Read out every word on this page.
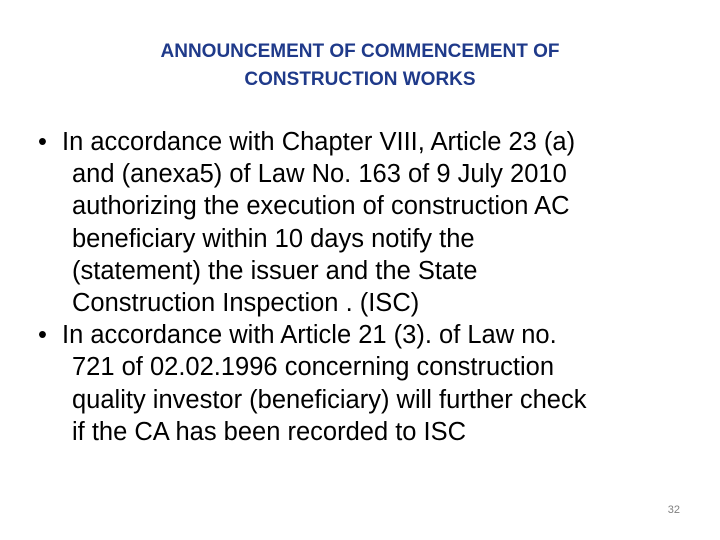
ANNOUNCEMENT OF COMMENCEMENT OF
CONSTRUCTION WORKS
• In accordance with Chapter VIII, Article 23 (a)
and (anexa5) of Law No. 163 of 9 July 2010
authorizing the execution of construction AC
beneficiary within 10 days notify the
(statement) the issuer and the State
Construction Inspection . (ISC)
• In accordance with Article 21 (3). of Law no.
721 of 02.02.1996 concerning construction
quality investor (beneficiary) will further check
if the CA has been recorded to ISC
32
